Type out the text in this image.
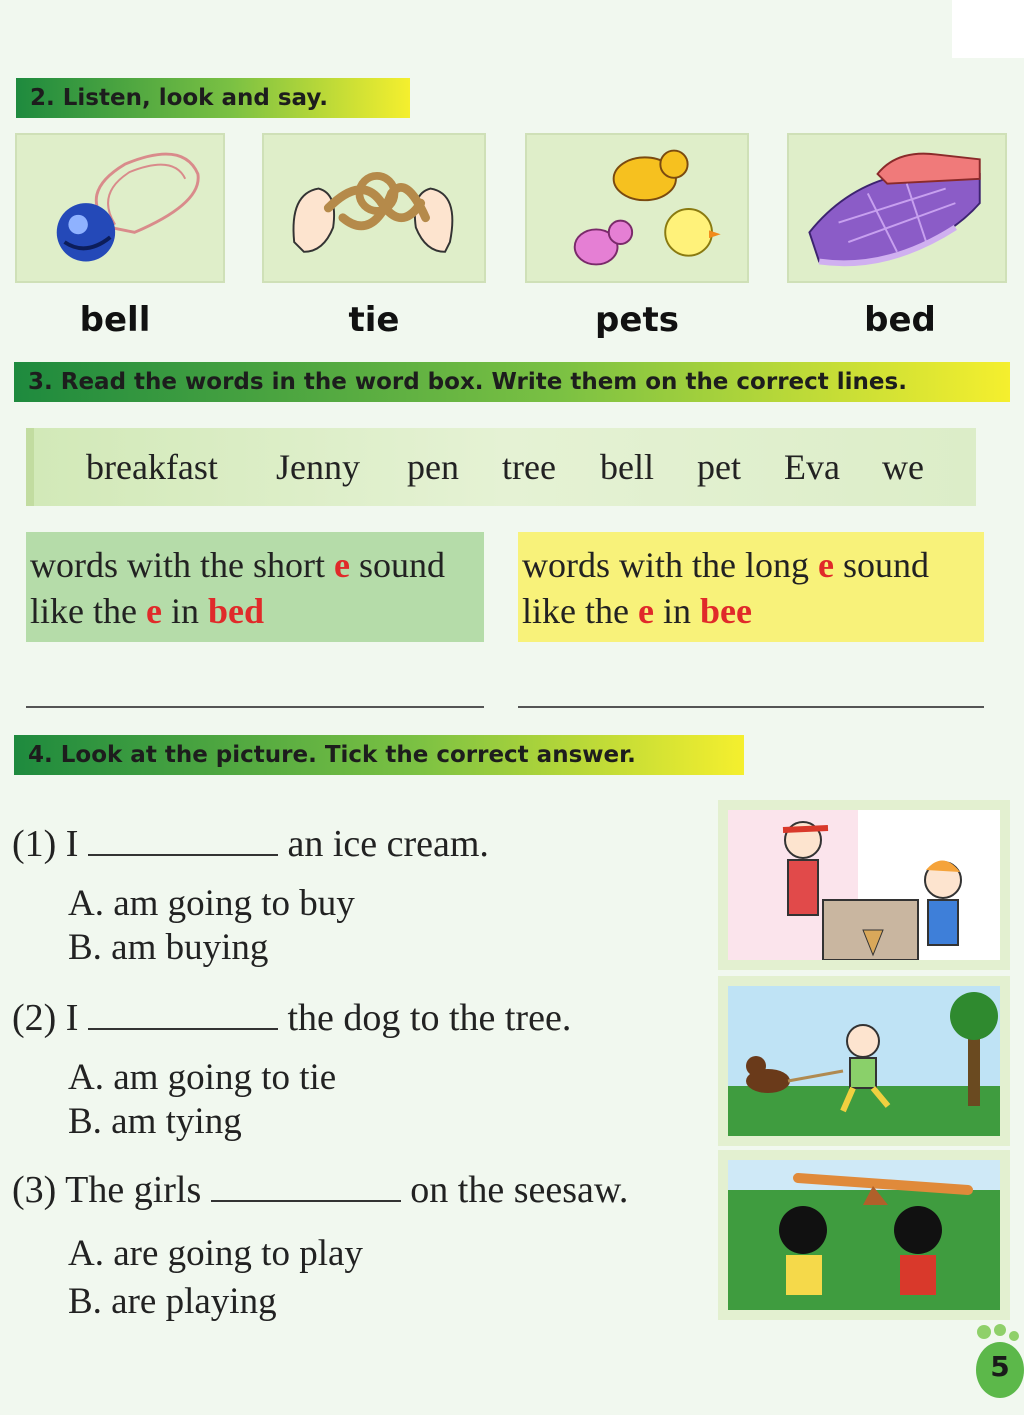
2. Listen, look and say.
bell	tie	pets	bed
3. Read the words in the word box. Write them on the correct lines.
breakfast Jenny pen tree bell pet Eva we
words with the short e sound
like the e in bed
words with the long e sound
like the e in bee
4. Look at the picture. Tick the correct answer.
(1) I	an ice cream.
A. am going to buy
B. am buying
(2) I	the dog to the tree.
A. am going to tie
B. am tying
(3) The girls	on the seesaw.
A. are going to play
B. are playing
5
